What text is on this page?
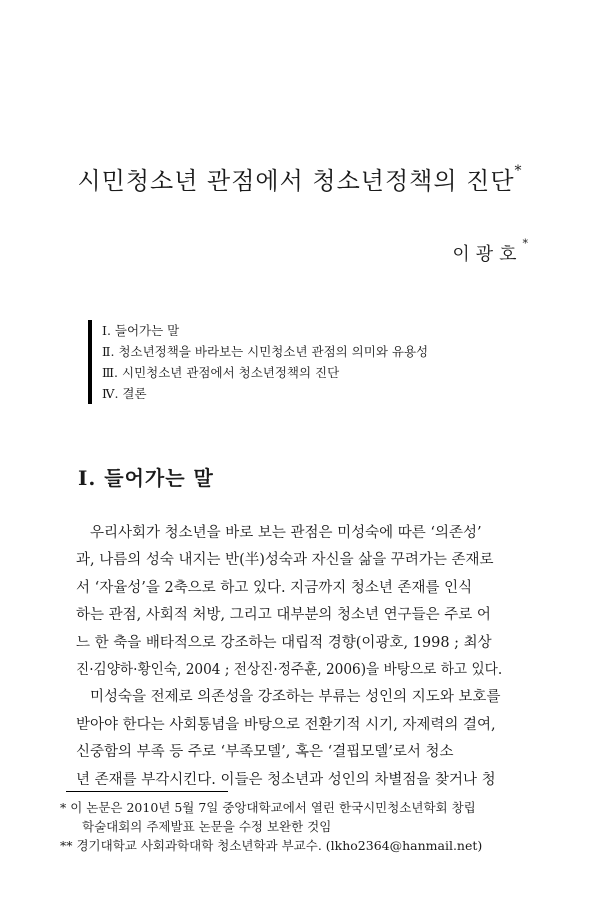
시민청소년 관점에서 청소년정책의 진단*
이광호*
Ⅰ. 들어가는 말
Ⅱ. 청소년정책을 바라보는 시민청소년 관점의 의미와 유용성
Ⅲ. 시민청소년 관점에서 청소년정책의 진단
Ⅳ. 결론
Ⅰ. 들어가는 말
우리사회가 청소년을 바로 보는 관점은 미성숙에 따른 ‘의존성’
과, 나름의 성숙 내지는 반(半)성숙과 자신을 삶을 꾸려가는 존재로
서 ‘자율성’을 2축으로 하고 있다. 지금까지 청소년 존재를 인식
하는 관점, 사회적 처방, 그리고 대부분의 청소년 연구들은 주로 어
느 한 축을 배타적으로 강조하는 대립적 경향(이광호, 1998 ; 최상
진·김양하·황인숙, 2004 ; 전상진·정주훈, 2006)을 바탕으로 하고 있다.
미성숙을 전제로 의존성을 강조하는 부류는 성인의 지도와 보호를
받아야 한다는 사회통념을 바탕으로 전환기적 시기, 자제력의 결여,
신중함의 부족 등 주로 ‘부족모델’, 혹은 ‘결핍모델’로서 청소
년 존재를 부각시킨다. 이들은 청소년과 성인의 차별점을 찾거나 청
* 이 논문은 2010년 5월 7일 중앙대학교에서 열린 한국시민청소년학회 창립
학술대회의 주제발표 논문을 수정 보완한 것임
** 경기대학교 사회과학대학 청소년학과 부교수. (lkho2364@hanmail.net)
